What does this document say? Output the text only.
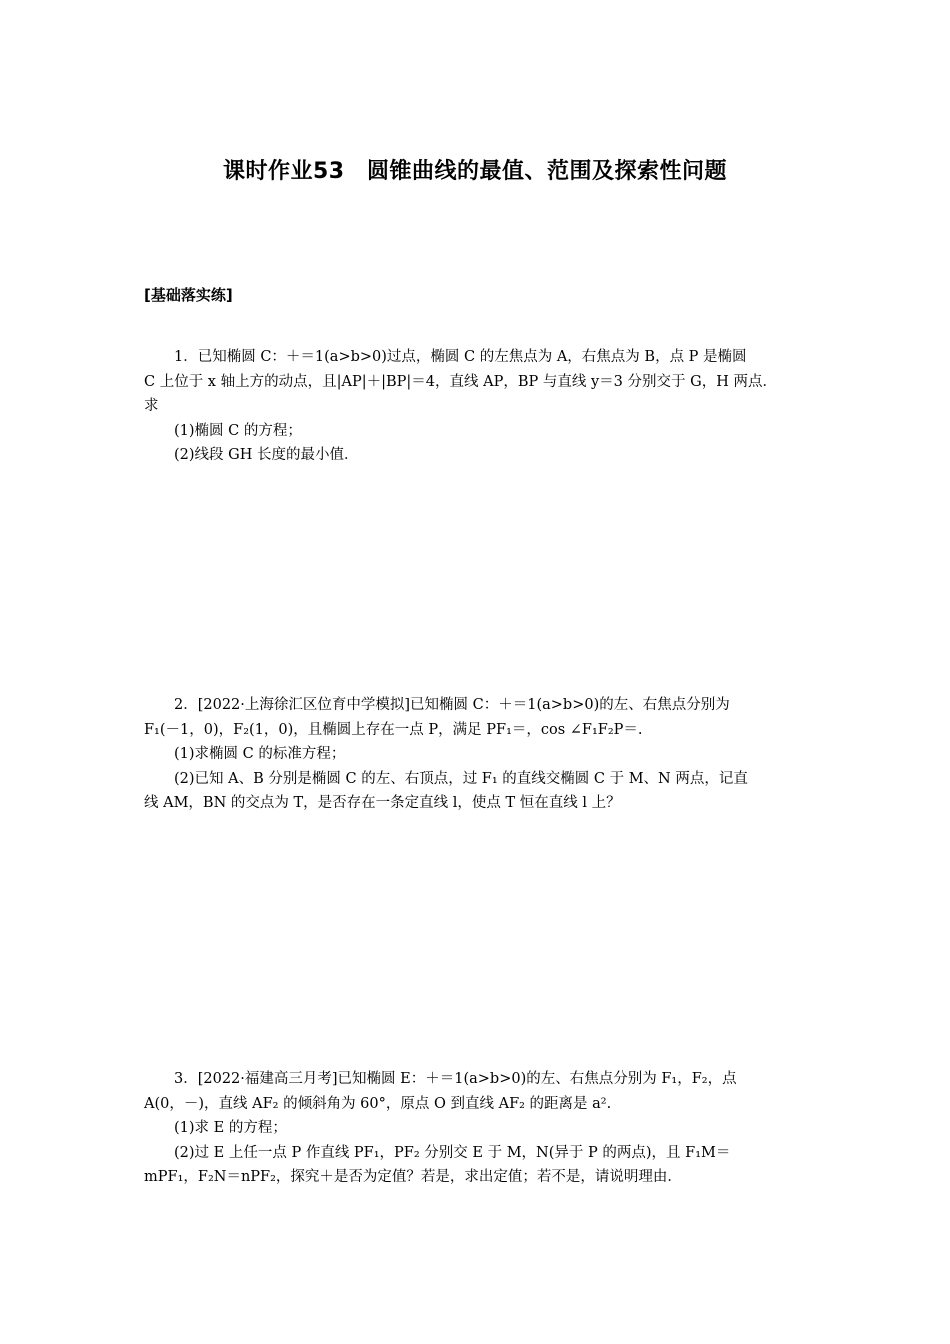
课时作业53　圆锥曲线的最值、范围及探索性问题
[基础落实练]
1．已知椭圆 C：＋＝1(a>b>0)过点，椭圆 C 的左焦点为 A，右焦点为 B，点 P 是椭圆
C 上位于 x 轴上方的动点，且|AP|＋|BP|＝4，直线 AP，BP 与直线 y＝3 分别交于 G，H 两点．
求
(1)椭圆 C 的方程；
(2)线段 GH 长度的最小值．
2．[2022·上海徐汇区位育中学模拟]已知椭圆 C：＋＝1(a>b>0)的左、右焦点分别为
F₁(－1，0)，F₂(1，0)，且椭圆上存在一点 P，满足 PF₁＝，cos ∠F₁F₂P＝.
(1)求椭圆 C 的标准方程；
(2)已知 A、B 分别是椭圆 C 的左、右顶点，过 F₁ 的直线交椭圆 C 于 M、N 两点，记直
线 AM，BN 的交点为 T，是否存在一条定直线 l，使点 T 恒在直线 l 上？
3．[2022·福建高三月考]已知椭圆 E：＋＝1(a>b>0)的左、右焦点分别为 F₁，F₂，点
A(0，－)，直线 AF₂ 的倾斜角为 60°，原点 O 到直线 AF₂ 的距离是 a².
(1)求 E 的方程；
(2)过 E 上任一点 P 作直线 PF₁，PF₂ 分别交 E 于 M，N(异于 P 的两点)，且 F₁M＝
mPF₁，F₂N＝nPF₂，探究＋是否为定值？若是，求出定值；若不是，请说明理由．
